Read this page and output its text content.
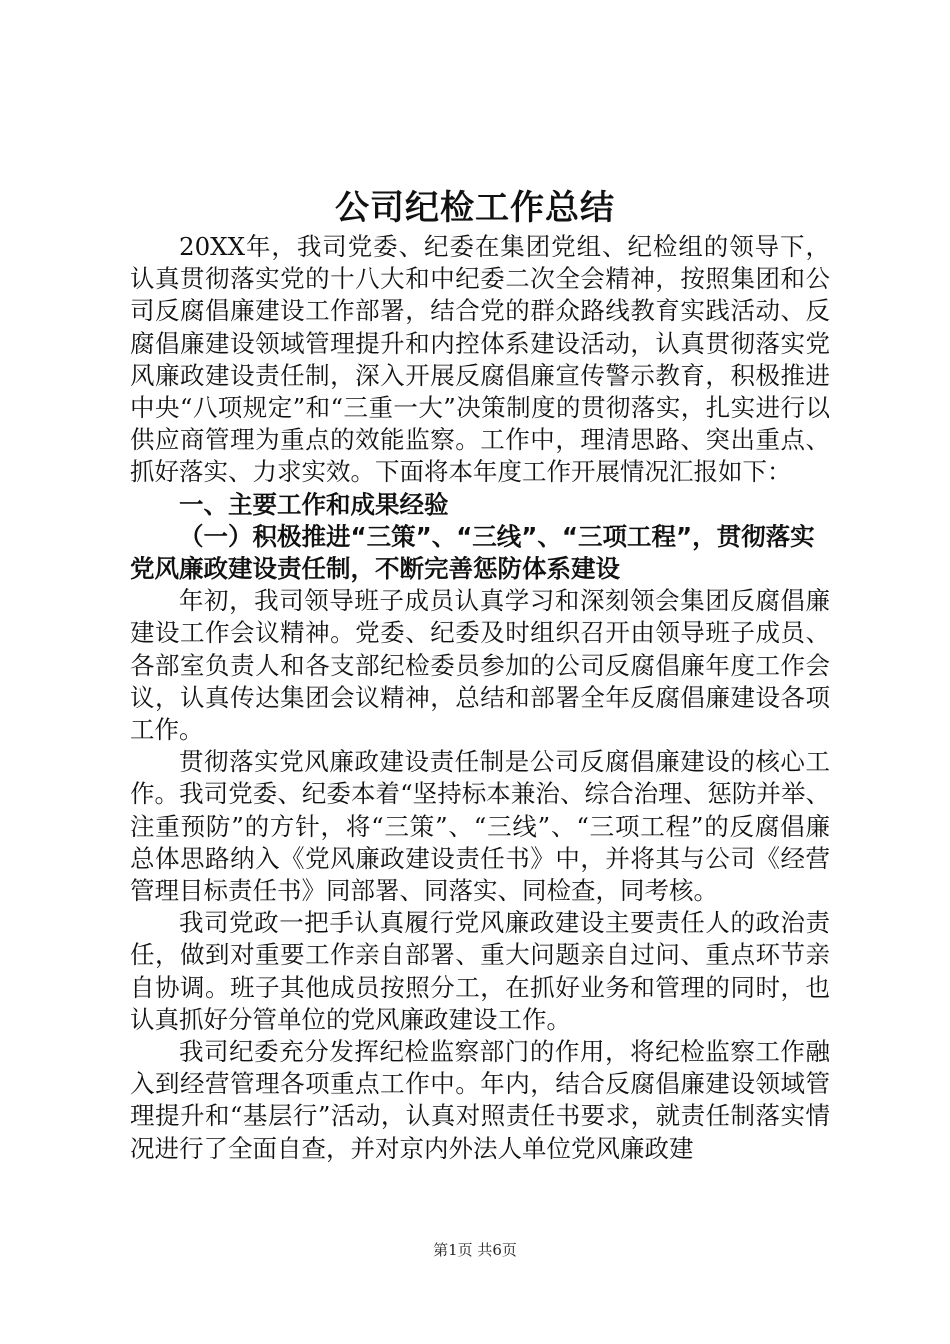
公司纪检工作总结

20XX年，我司党委、纪委在集团党组、纪检组的领导下，认真贯彻落实党的十八大和中纪委二次全会精神，按照集团和公司反腐倡廉建设工作部署，结合党的群众路线教育实践活动、反腐倡廉建设领域管理提升和内控体系建设活动，认真贯彻落实党风廉政建设责任制，深入开展反腐倡廉宣传警示教育，积极推进中央“八项规定”和“三重一大”决策制度的贯彻落实，扎实进行以供应商管理为重点的效能监察。工作中，理清思路、突出重点、抓好落实、力求实效。下面将本年度工作开展情况汇报如下：

一、主要工作和成果经验

（一）积极推进“三策”、“三线”、“三项工程”，贯彻落实党风廉政建设责任制，不断完善惩防体系建设

年初，我司领导班子成员认真学习和深刻领会集团反腐倡廉建设工作会议精神。党委、纪委及时组织召开由领导班子成员、各部室负责人和各支部纪检委员参加的公司反腐倡廉年度工作会议，认真传达集团会议精神，总结和部署全年反腐倡廉建设各项工作。

贯彻落实党风廉政建设责任制是公司反腐倡廉建设的核心工作。我司党委、纪委本着“坚持标本兼治、综合治理、惩防并举、注重预防”的方针，将“三策”、“三线”、“三项工程”的反腐倡廉总体思路纳入《党风廉政建设责任书》中，并将其与公司《经营管理目标责任书》同部署、同落实、同检查，同考核。

我司党政一把手认真履行党风廉政建设主要责任人的政治责任，做到对重要工作亲自部署、重大问题亲自过问、重点环节亲自协调。班子其他成员按照分工，在抓好业务和管理的同时，也认真抓好分管单位的党风廉政建设工作。

我司纪委充分发挥纪检监察部门的作用，将纪检监察工作融入到经营管理各项重点工作中。年内，结合反腐倡廉建设领域管理提升和“基层行”活动，认真对照责任书要求，就责任制落实情况进行了全面自查，并对京内外法人单位党风廉政建

第1页 共6页
